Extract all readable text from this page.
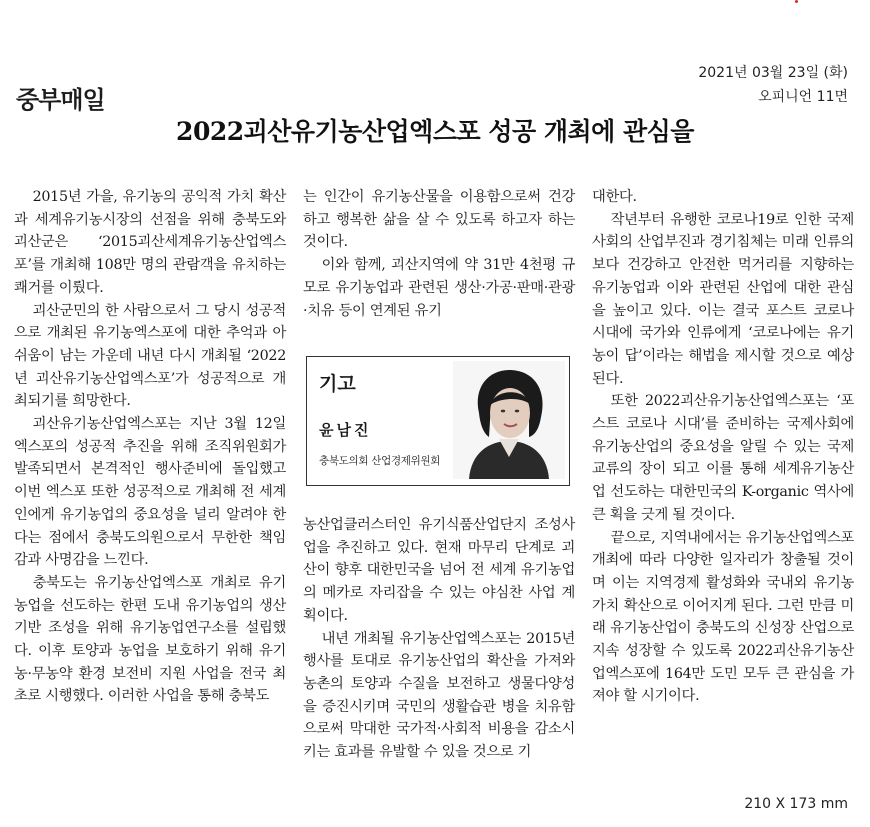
중부매일
2021년 03월 23일 (화)
오피니언 11면
2022괴산유기농산업엑스포 성공 개최에 관심을

2015년 가을, 유기농의 공익적 가치 확산과 세계유기농시장의 선점을 위해 충북도와 괴산군은 ‘2015괴산세계유기농산업엑스포’를 개최해 108만 명의 관람객을 유치하는 쾌거를 이뤘다.

괴산군민의 한 사람으로서 그 당시 성공적으로 개최된 유기농엑스포에 대한 추억과 아쉬움이 남는 가운데 내년 다시 개최될 ‘2022년 괴산유기농산업엑스포’가 성공적으로 개최되기를 희망한다.

괴산유기농산업엑스포는 지난 3월 12일 엑스포의 성공적 추진을 위해 조직위원회가 발족되면서 본격적인 행사준비에 돌입했고 이번 엑스포 또한 성공적으로 개최해 전 세계인에게 유기농업의 중요성을 널리 알려야 한다는 점에서 충북도의원으로서 무한한 책임감과 사명감을 느낀다.

충북도는 유기농산업엑스포 개최로 유기농업을 선도하는 한편 도내 유기농업의 생산기반 조성을 위해 유기농업연구소를 설립했다. 이후 토양과 농업을 보호하기 위해 유기농·무농약 환경 보전비 지원 사업을 전국 최초로 시행했다. 이러한 사업을 통해 충북도

는 인간이 유기농산물을 이용함으로써 건강하고 행복한 삶을 살 수 있도록 하고자 하는 것이다.

이와 함께, 괴산지역에 약 31만 4천평 규모로 유기농업과 관련된 생산·가공·판매·관광·치유 등이 연계된 유기

기고
윤남진
충북도의회 산업경제위원회

농산업클러스터인 유기식품산업단지 조성사업을 추진하고 있다. 현재 마무리 단계로 괴산이 향후 대한민국을 넘어 전 세계 유기농업의 메카로 자리잡을 수 있는 야심찬 사업 계획이다.

내년 개최될 유기농산업엑스포는 2015년 행사를 토대로 유기농산업의 확산을 가져와 농촌의 토양과 수질을 보전하고 생물다양성을 증진시키며 국민의 생활습관 병을 치유함으로써 막대한 국가적·사회적 비용을 감소시키는 효과를 유발할 수 있을 것으로 기

대한다.

작년부터 유행한 코로나19로 인한 국제사회의 산업부진과 경기침체는 미래 인류의 보다 건강하고 안전한 먹거리를 지향하는 유기농업과 이와 관련된 산업에 대한 관심을 높이고 있다. 이는 결국 포스트 코로나 시대에 국가와 인류에게 ‘코로나에는 유기농이 답’이라는 해법을 제시할 것으로 예상된다.

또한 2022괴산유기농산업엑스포는 ‘포스트 코로나 시대’를 준비하는 국제사회에 유기농산업의 중요성을 알릴 수 있는 국제교류의 장이 되고 이를 통해 세계유기농산업 선도하는 대한민국의 K-organic 역사에 큰 획을 긋게 될 것이다.

끝으로, 지역내에서는 유기농산업엑스포 개최에 따라 다양한 일자리가 창출될 것이며 이는 지역경제 활성화와 국내외 유기농 가치 확산으로 이어지게 된다. 그런 만큼 미래 유기농산업이 충북도의 신성장 산업으로 지속 성장할 수 있도록 2022괴산유기농산업엑스포에 164만 도민 모두 큰 관심을 가져야 할 시기이다.

210 X 173 mm
